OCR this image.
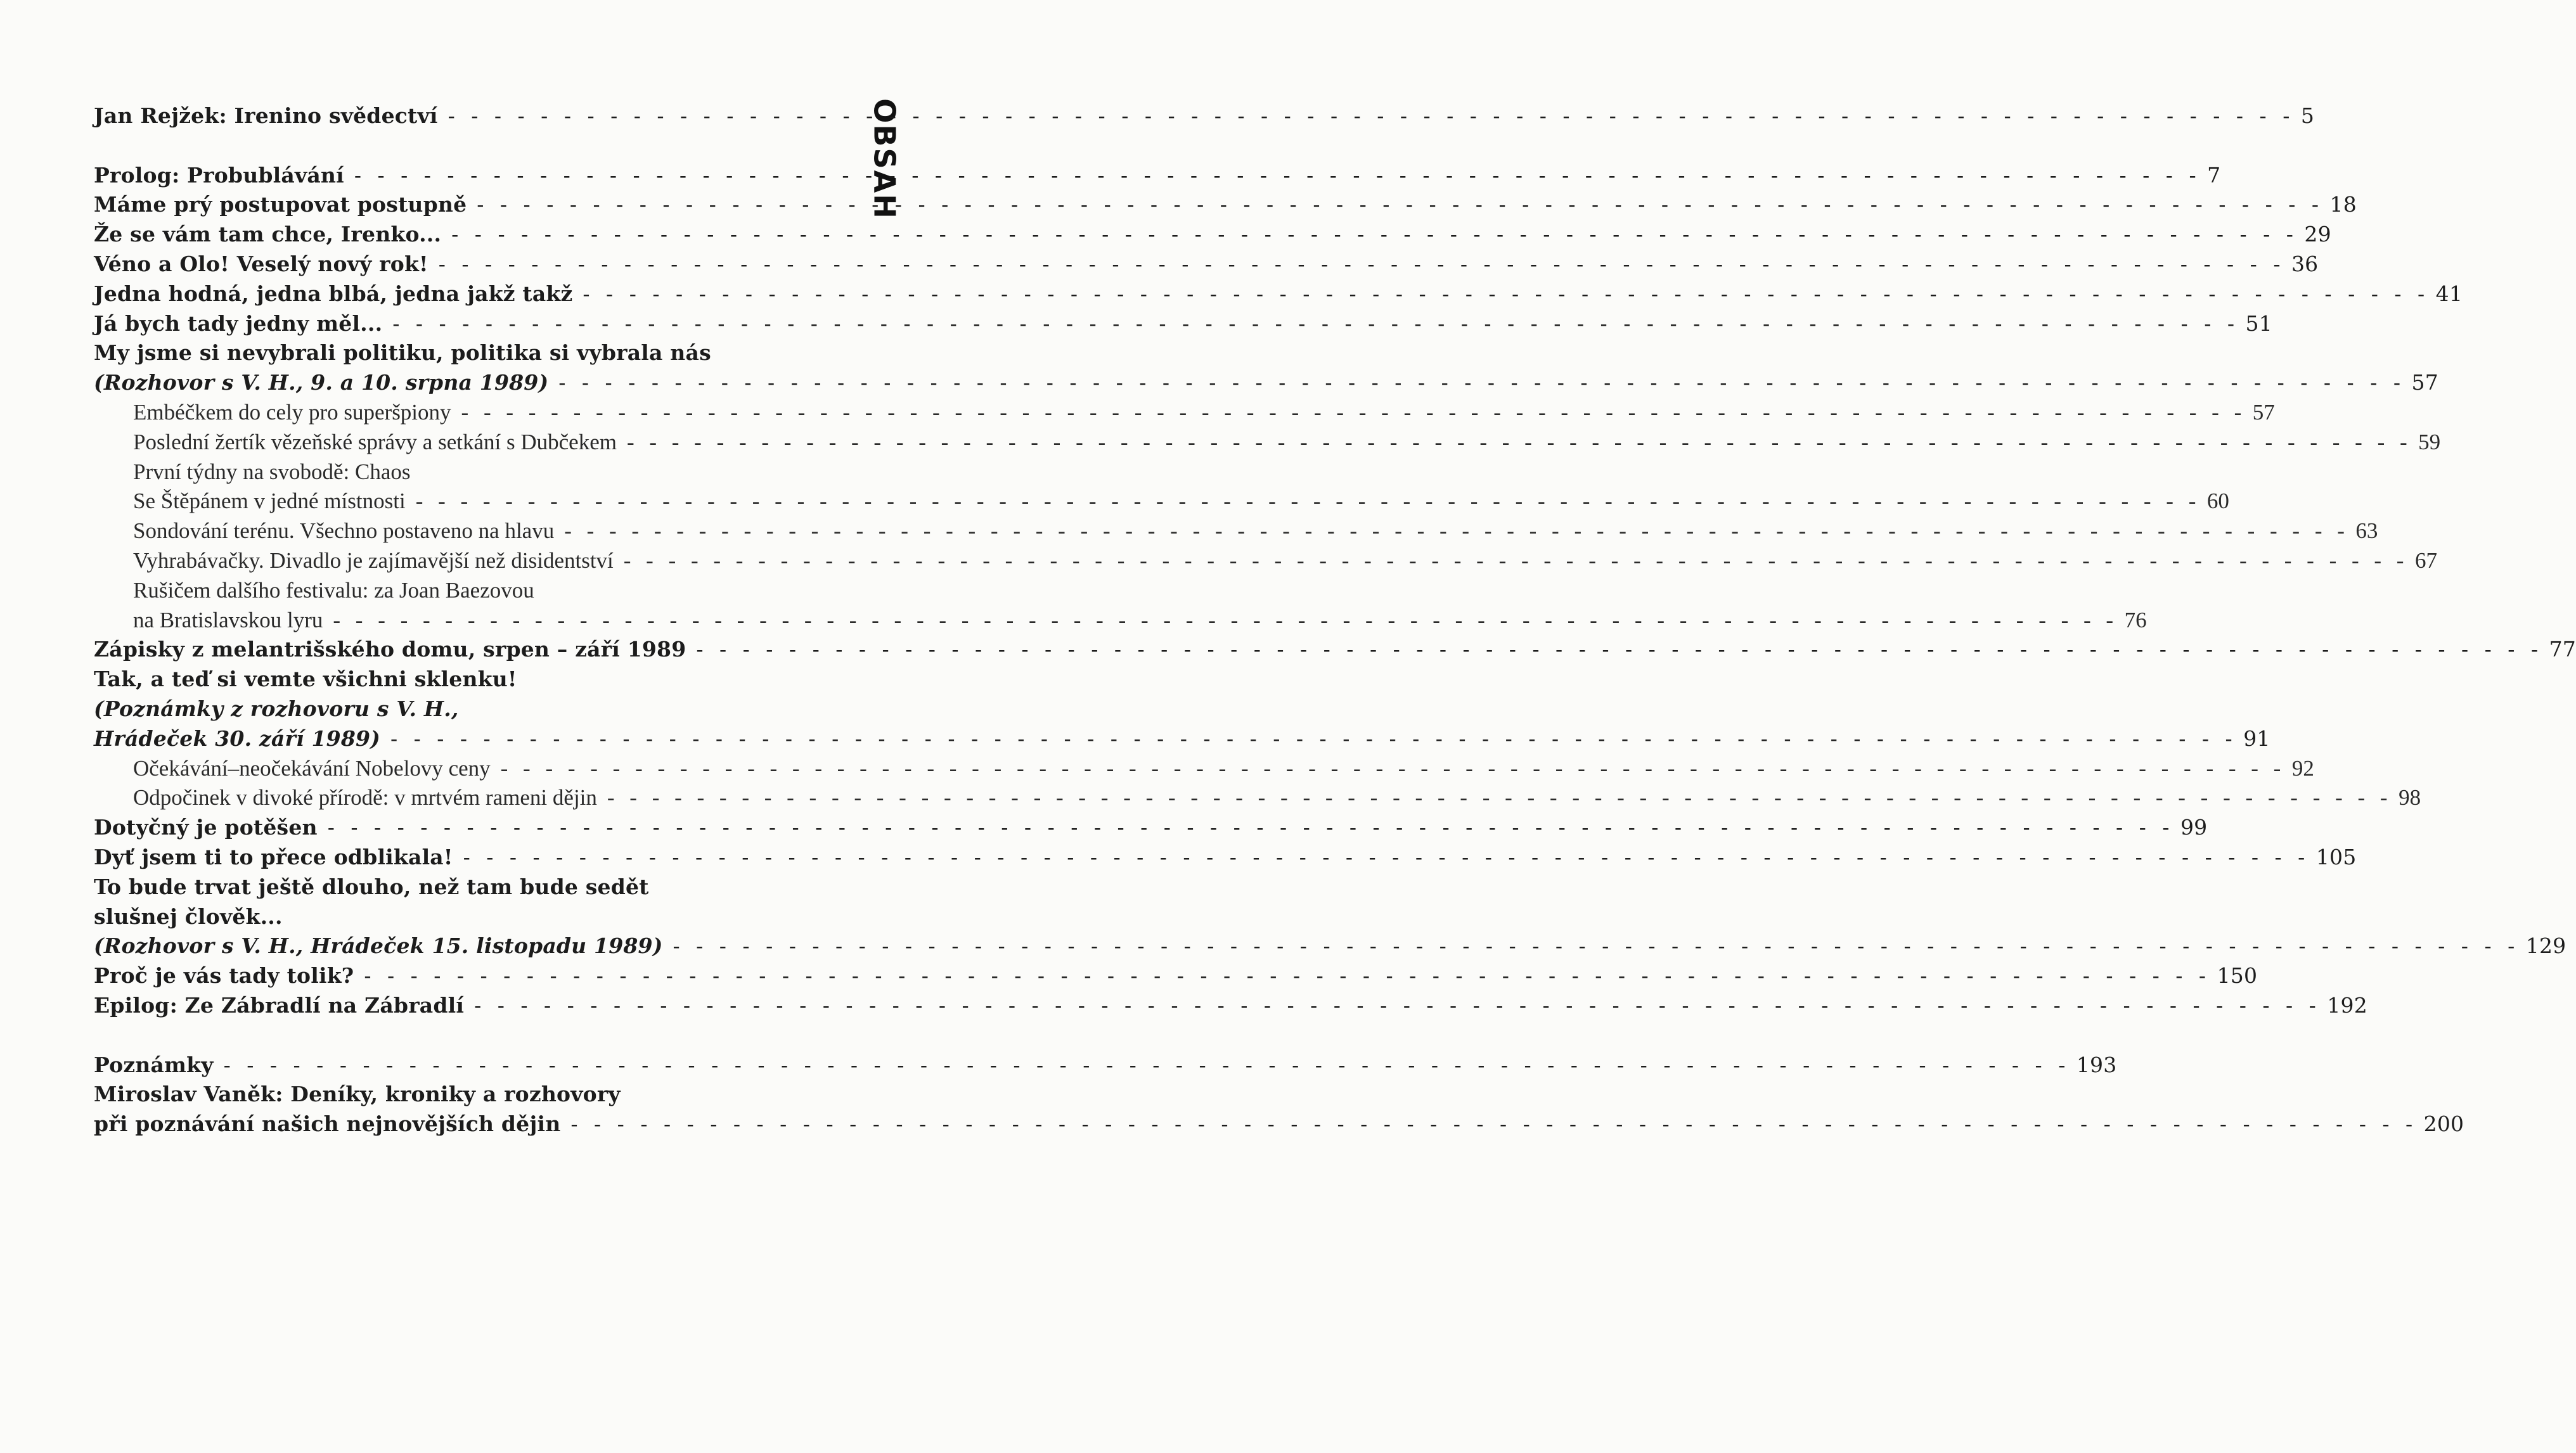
OBSAH
Jan Rejžek: Irenino svědectví - - - - - - - - - - - - - - - - - - - - - - - - - - - - - - - - - - - - - - - - - - - - - - - - - - - - - - - - - - - - - - - - - - - - - - - - - - - - - - - - 5
Prolog: Probublávání - - - - - - - - - - - - - - - - - - - - - - - - - - - - - - - - - - - - - - - - - - - - - - - - - - - - - - - - - - - - - - - - - - - - - - - - - - - - - - - - 7
Máme prý postupovat postupně - - - - - - - - - - - - - - - - - - - - - - - - - - - - - - - - - - - - - - - - - - - - - - - - - - - - - - - - - - - - - - - - - - - - - - - - - - - - - - - - 18
Že se vám tam chce, Irenko... - - - - - - - - - - - - - - - - - - - - - - - - - - - - - - - - - - - - - - - - - - - - - - - - - - - - - - - - - - - - - - - - - - - - - - - - - - - - - - - - 29
Véno a Olo! Veselý nový rok! - - - - - - - - - - - - - - - - - - - - - - - - - - - - - - - - - - - - - - - - - - - - - - - - - - - - - - - - - - - - - - - - - - - - - - - - - - - - - - - - 36
Jedna hodná, jedna blbá, jedna jakž takž - - - - - - - - - - - - - - - - - - - - - - - - - - - - - - - - - - - - - - - - - - - - - - - - - - - - - - - - - - - - - - - - - - - - - - - - - - - - - - - - 41
Já bych tady jedny měl... - - - - - - - - - - - - - - - - - - - - - - - - - - - - - - - - - - - - - - - - - - - - - - - - - - - - - - - - - - - - - - - - - - - - - - - - - - - - - - - - 51
My jsme si nevybrali politiku, politika si vybrala nás
(Rozhovor s V. H., 9. a 10. srpna 1989) - - - - - - - - - - - - - - - - - - - - - - - - - - - - - - - - - - - - - - - - - - - - - - - - - - - - - - - - - - - - - - - - - - - - - - - - - - - - - - - - 57
Embéčkem do cely pro superšpiony - - - - - - - - - - - - - - - - - - - - - - - - - - - - - - - - - - - - - - - - - - - - - - - - - - - - - - - - - - - - - - - - - - - - - - - - - - - - - - - - 57
Poslední žertík vězeňské správy a setkání s Dubčekem - - - - - - - - - - - - - - - - - - - - - - - - - - - - - - - - - - - - - - - - - - - - - - - - - - - - - - - - - - - - - - - - - - - - - - - - - - - - - - - - 59
První týdny na svobodě: Chaos
Se Štěpánem v jedné místnosti - - - - - - - - - - - - - - - - - - - - - - - - - - - - - - - - - - - - - - - - - - - - - - - - - - - - - - - - - - - - - - - - - - - - - - - - - - - - - - - - 60
Sondování terénu. Všechno postaveno na hlavu - - - - - - - - - - - - - - - - - - - - - - - - - - - - - - - - - - - - - - - - - - - - - - - - - - - - - - - - - - - - - - - - - - - - - - - - - - - - - - - - 63
Vyhrabávačky. Divadlo je zajímavější než disidentství - - - - - - - - - - - - - - - - - - - - - - - - - - - - - - - - - - - - - - - - - - - - - - - - - - - - - - - - - - - - - - - - - - - - - - - - - - - - - - - - 67
Rušičem dalšího festivalu: za Joan Baezovou
na Bratislavskou lyru - - - - - - - - - - - - - - - - - - - - - - - - - - - - - - - - - - - - - - - - - - - - - - - - - - - - - - - - - - - - - - - - - - - - - - - - - - - - - - - - 76
Zápisky z melantrišského domu, srpen – září 1989 - - - - - - - - - - - - - - - - - - - - - - - - - - - - - - - - - - - - - - - - - - - - - - - - - - - - - - - - - - - - - - - - - - - - - - - - - - - - - - - - 77
Tak, a teď si vemte všichni sklenku!
(Poznámky z rozhovoru s V. H.,
Hrádeček 30. září 1989) - - - - - - - - - - - - - - - - - - - - - - - - - - - - - - - - - - - - - - - - - - - - - - - - - - - - - - - - - - - - - - - - - - - - - - - - - - - - - - - - 91
Očekávání–neočekávání Nobelovy ceny - - - - - - - - - - - - - - - - - - - - - - - - - - - - - - - - - - - - - - - - - - - - - - - - - - - - - - - - - - - - - - - - - - - - - - - - - - - - - - - - 92
Odpočinek v divoké přírodě: v mrtvém rameni dějin - - - - - - - - - - - - - - - - - - - - - - - - - - - - - - - - - - - - - - - - - - - - - - - - - - - - - - - - - - - - - - - - - - - - - - - - - - - - - - - - 98
Dotyčný je potěšen - - - - - - - - - - - - - - - - - - - - - - - - - - - - - - - - - - - - - - - - - - - - - - - - - - - - - - - - - - - - - - - - - - - - - - - - - - - - - - - - 99
Dyť jsem ti to přece odblikala! - - - - - - - - - - - - - - - - - - - - - - - - - - - - - - - - - - - - - - - - - - - - - - - - - - - - - - - - - - - - - - - - - - - - - - - - - - - - - - - - 105
To bude trvat ještě dlouho, než tam bude sedět
slušnej člověk...
(Rozhovor s V. H., Hrádeček 15. listopadu 1989) - - - - - - - - - - - - - - - - - - - - - - - - - - - - - - - - - - - - - - - - - - - - - - - - - - - - - - - - - - - - - - - - - - - - - - - - - - - - - - - - 129
Proč je vás tady tolik? - - - - - - - - - - - - - - - - - - - - - - - - - - - - - - - - - - - - - - - - - - - - - - - - - - - - - - - - - - - - - - - - - - - - - - - - - - - - - - - - 150
Epilog: Ze Zábradlí na Zábradlí - - - - - - - - - - - - - - - - - - - - - - - - - - - - - - - - - - - - - - - - - - - - - - - - - - - - - - - - - - - - - - - - - - - - - - - - - - - - - - - - 192
Poznámky - - - - - - - - - - - - - - - - - - - - - - - - - - - - - - - - - - - - - - - - - - - - - - - - - - - - - - - - - - - - - - - - - - - - - - - - - - - - - - - - 193
Miroslav Vaněk: Deníky, kroniky a rozhovory
při poznávání našich nejnovějších dějin - - - - - - - - - - - - - - - - - - - - - - - - - - - - - - - - - - - - - - - - - - - - - - - - - - - - - - - - - - - - - - - - - - - - - - - - - - - - - - - - 200
